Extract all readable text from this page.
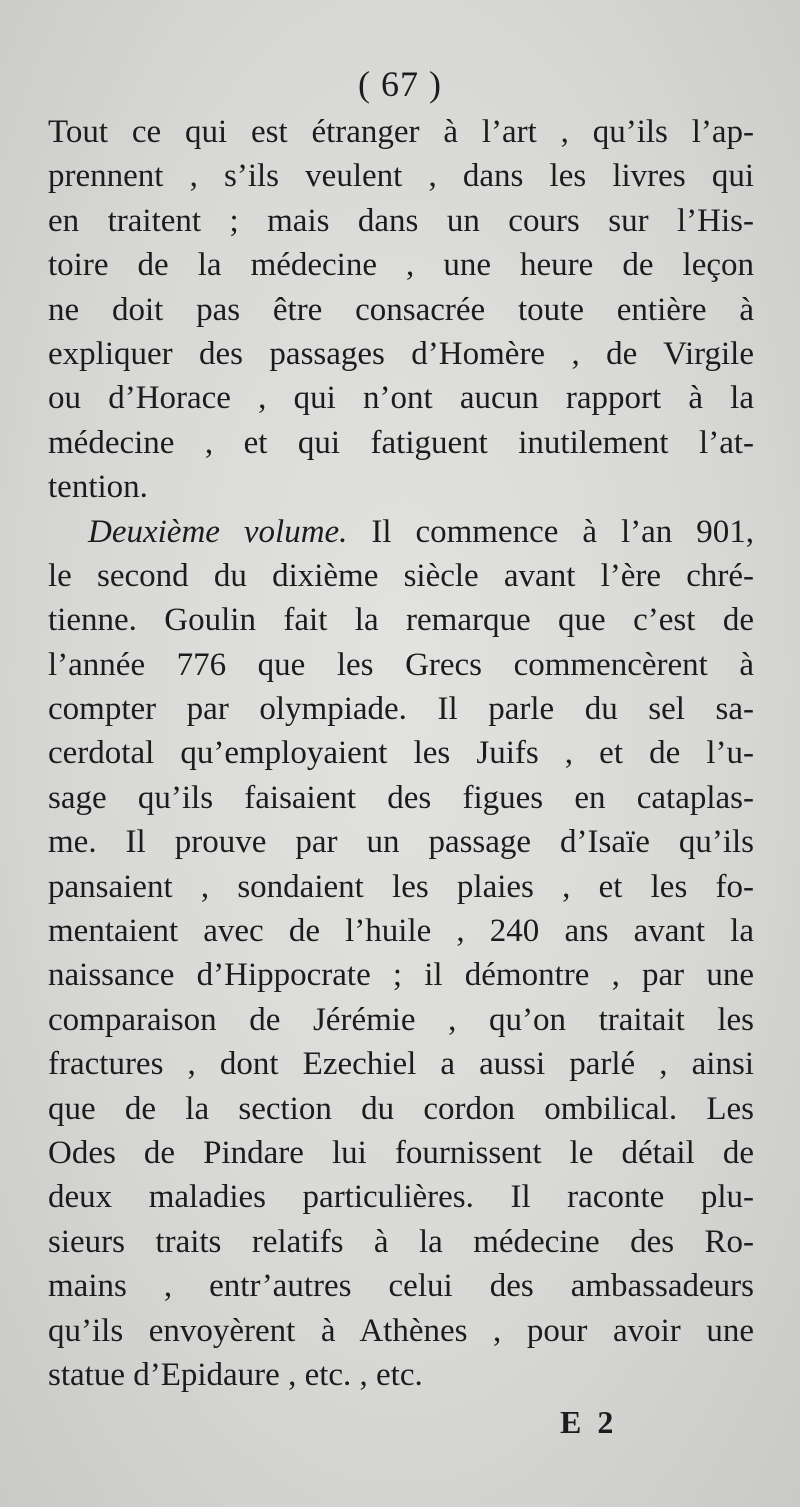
( 67 )
Tout ce qui est étranger à l’art , qu’ils l’ap-
prennent , s’ils veulent , dans les livres qui
en traitent ; mais dans un cours sur l’His-
toire de la médecine , une heure de leçon
ne doit pas être consacrée toute entière à
expliquer des passages d’Homère , de Virgile
ou d’Horace , qui n’ont aucun rapport à la
médecine , et qui fatiguent inutilement l’at-
tention.
Deuxième volume. Il commence à l’an 901,
le second du dixième siècle avant l’ère chré-
tienne. Goulin fait la remarque que c’est de
l’année 776 que les Grecs commencèrent à
compter par olympiade. Il parle du sel sa-
cerdotal qu’employaient les Juifs , et de l’u-
sage qu’ils faisaient des figues en cataplas-
me. Il prouve par un passage d’Isaïe qu’ils
pansaient , sondaient les plaies , et les fo-
mentaient avec de l’huile , 240 ans avant la
naissance d’Hippocrate ; il démontre , par une
comparaison de Jérémie , qu’on traitait les
fractures , dont Ezechiel a aussi parlé , ainsi
que de la section du cordon ombilical. Les
Odes de Pindare lui fournissent le détail de
deux maladies particulières. Il raconte plu-
sieurs traits relatifs à la médecine des Ro-
mains , entr’autres celui des ambassadeurs
qu’ils envoyèrent à Athènes , pour avoir une
statue d’Epidaure , etc. , etc.
E 2
